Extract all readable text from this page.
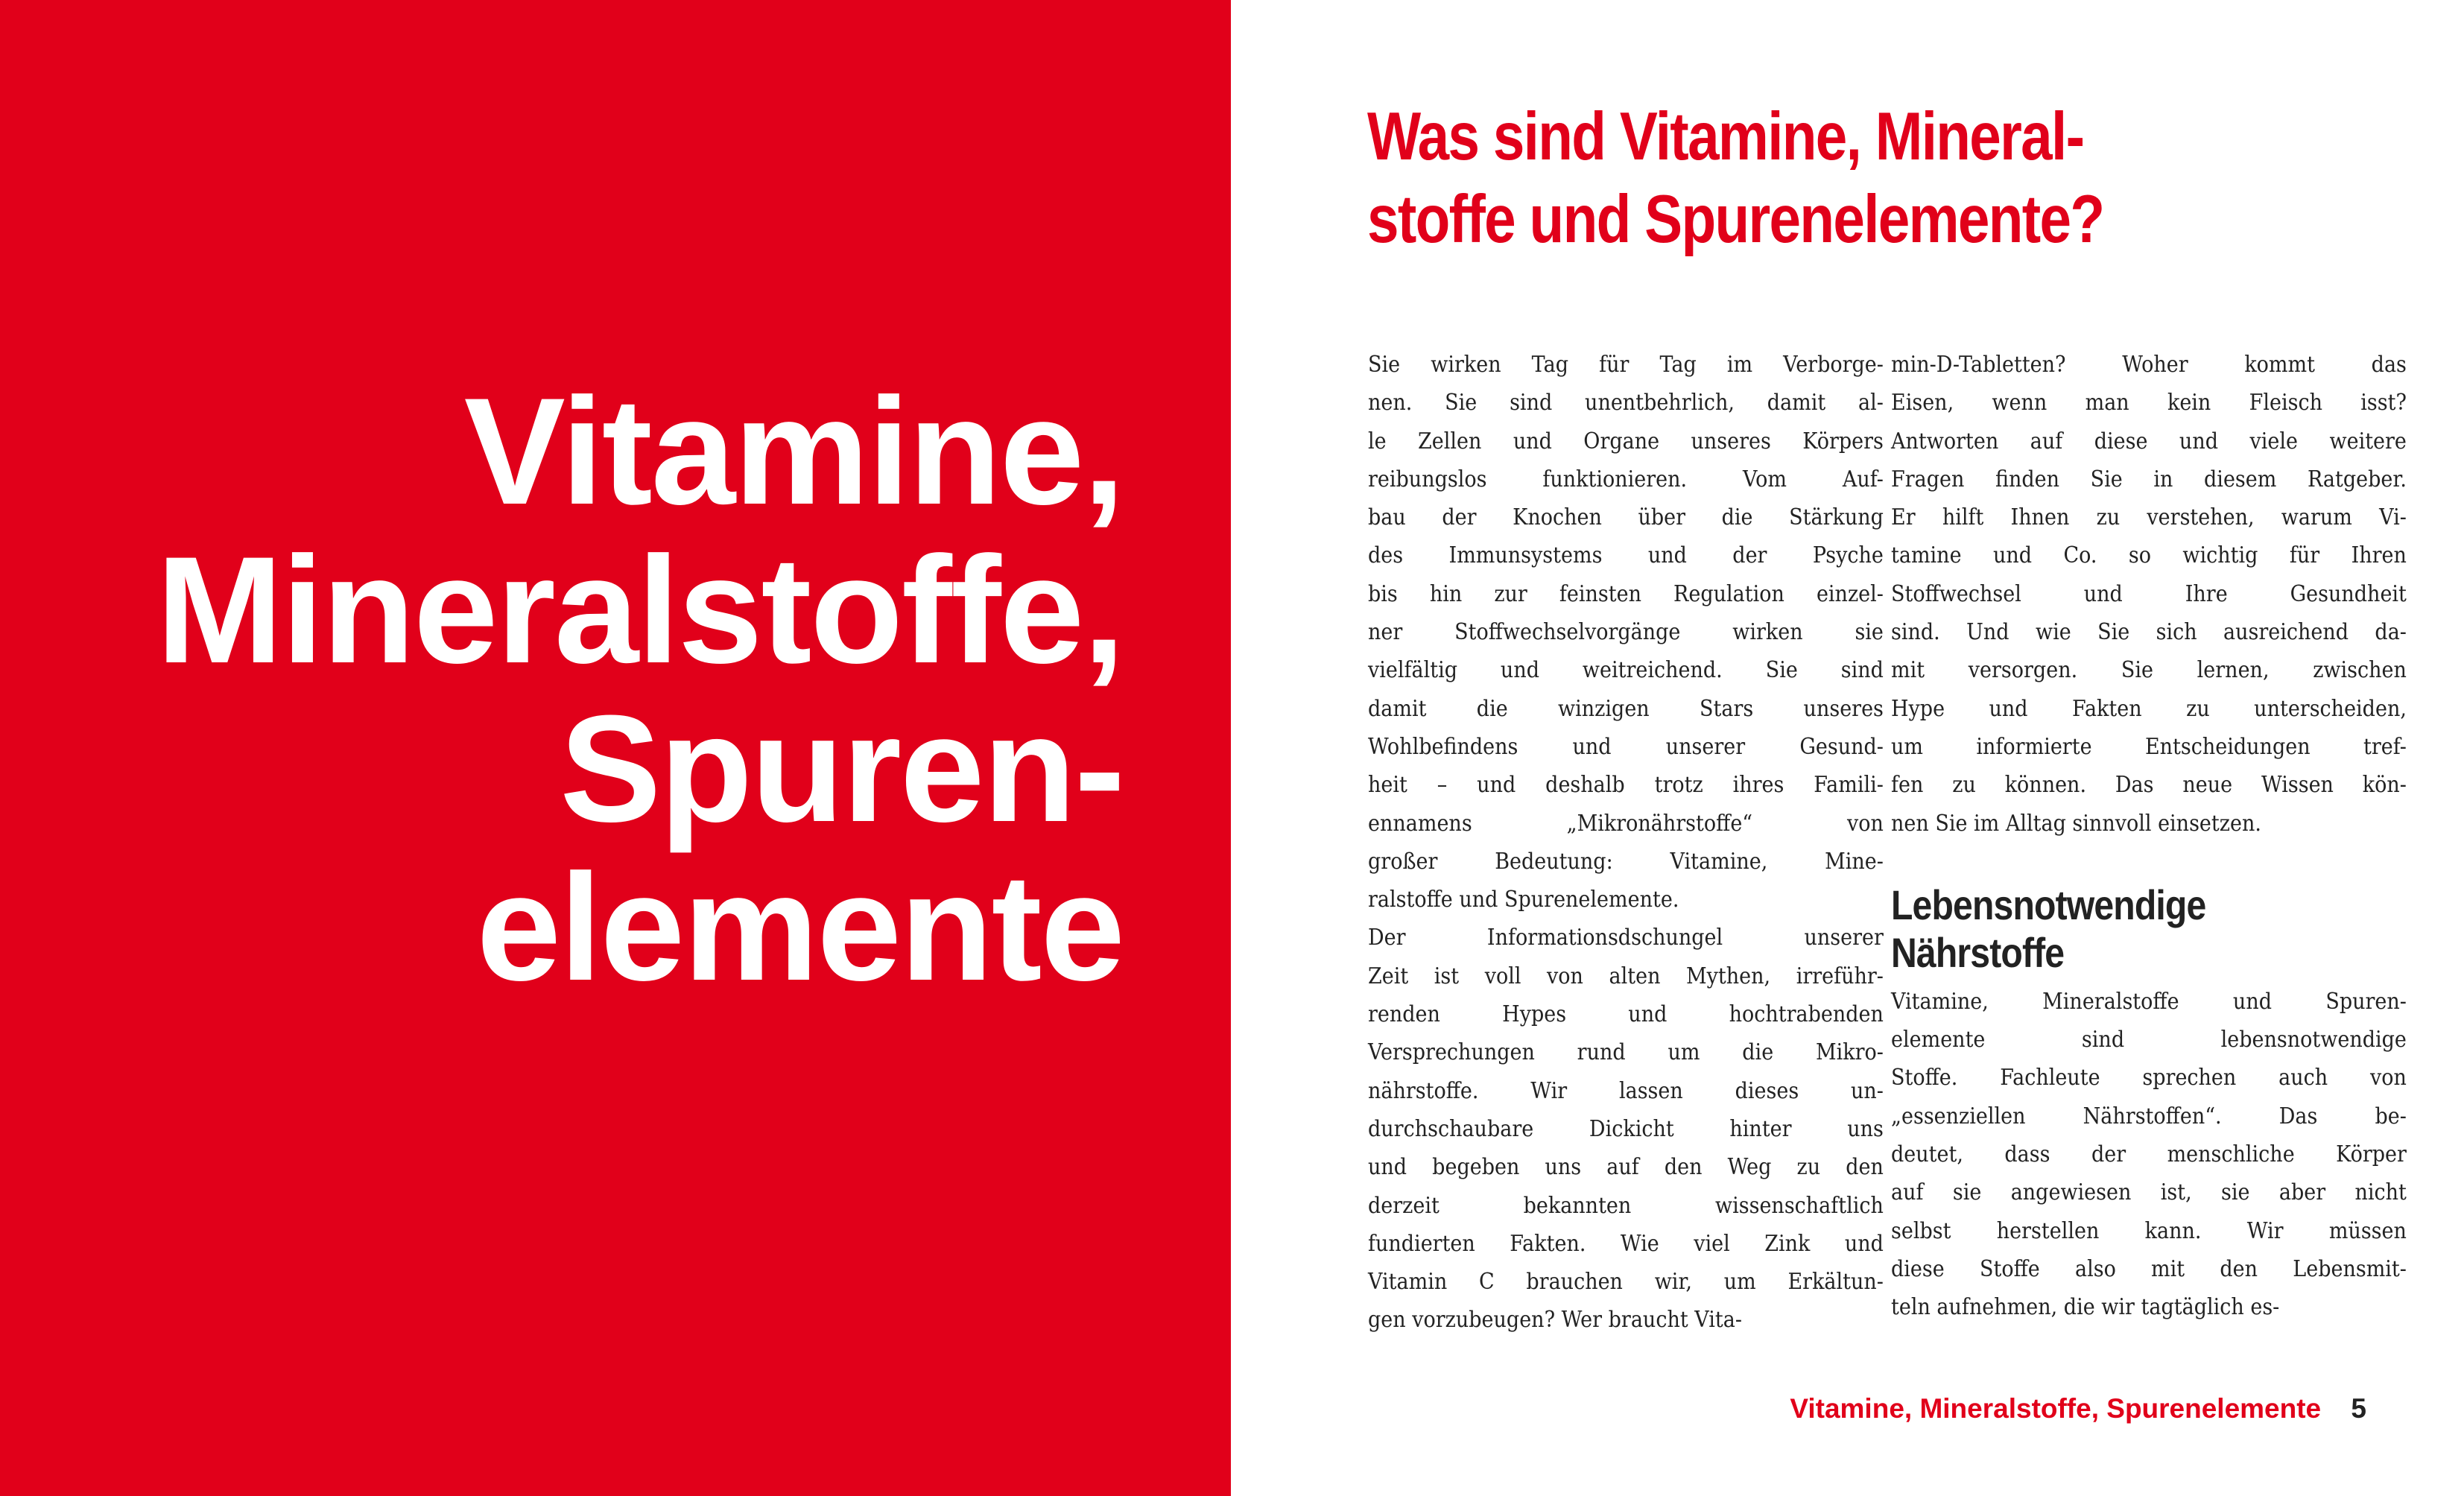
Vitamine,
Mineralstoffe,
Spuren-
elemente
Was sind Vitamine, Mineral-
stoffe und Spurenelemente?
Sie wirken Tag für Tag im Verborge-
nen. Sie sind unentbehrlich, damit al-
le Zellen und Organe unseres Körpers
reibungslos funktionieren. Vom Auf-
bau der Knochen über die Stärkung
des Immunsystems und der Psyche
bis hin zur feinsten Regulation einzel-
ner Stoffwechselvorgänge wirken sie
vielfältig und weitreichend. Sie sind
damit die winzigen Stars unseres
Wohlbefindens und unserer Gesund-
heit – und deshalb trotz ihres Famili-
ennamens „Mikronährstoffe“ von
großer Bedeutung: Vitamine, Mine-
ralstoffe und Spurenelemente.
Der Informationsdschungel unserer
Zeit ist voll von alten Mythen, irreführ-
renden Hypes und hochtrabenden
Versprechungen rund um die Mikro-
nährstoffe. Wir lassen dieses un-
durchschaubare Dickicht hinter uns
und begeben uns auf den Weg zu den
derzeit bekannten wissenschaftlich
fundierten Fakten. Wie viel Zink und
Vitamin C brauchen wir, um Erkältun-
gen vorzubeugen? Wer braucht Vita-
min-D-Tabletten? Woher kommt das
Eisen, wenn man kein Fleisch isst?
Antworten auf diese und viele weitere
Fragen finden Sie in diesem Ratgeber.
Er hilft Ihnen zu verstehen, warum Vi-
tamine und Co. so wichtig für Ihren
Stoffwechsel und Ihre Gesundheit
sind. Und wie Sie sich ausreichend da-
mit versorgen. Sie lernen, zwischen
Hype und Fakten zu unterscheiden,
um informierte Entscheidungen tref-
fen zu können. Das neue Wissen kön-
nen Sie im Alltag sinnvoll einsetzen.
Lebensnotwendige
Nährstoffe
Vitamine, Mineralstoffe und Spuren-
elemente sind lebensnotwendige
Stoffe. Fachleute sprechen auch von
„essenziellen Nährstoffen“. Das be-
deutet, dass der menschliche Körper
auf sie angewiesen ist, sie aber nicht
selbst herstellen kann. Wir müssen
diese Stoffe also mit den Lebensmit-
teln aufnehmen, die wir tagtäglich es-
Vitamine, Mineralstoffe, Spurenelemente 5
